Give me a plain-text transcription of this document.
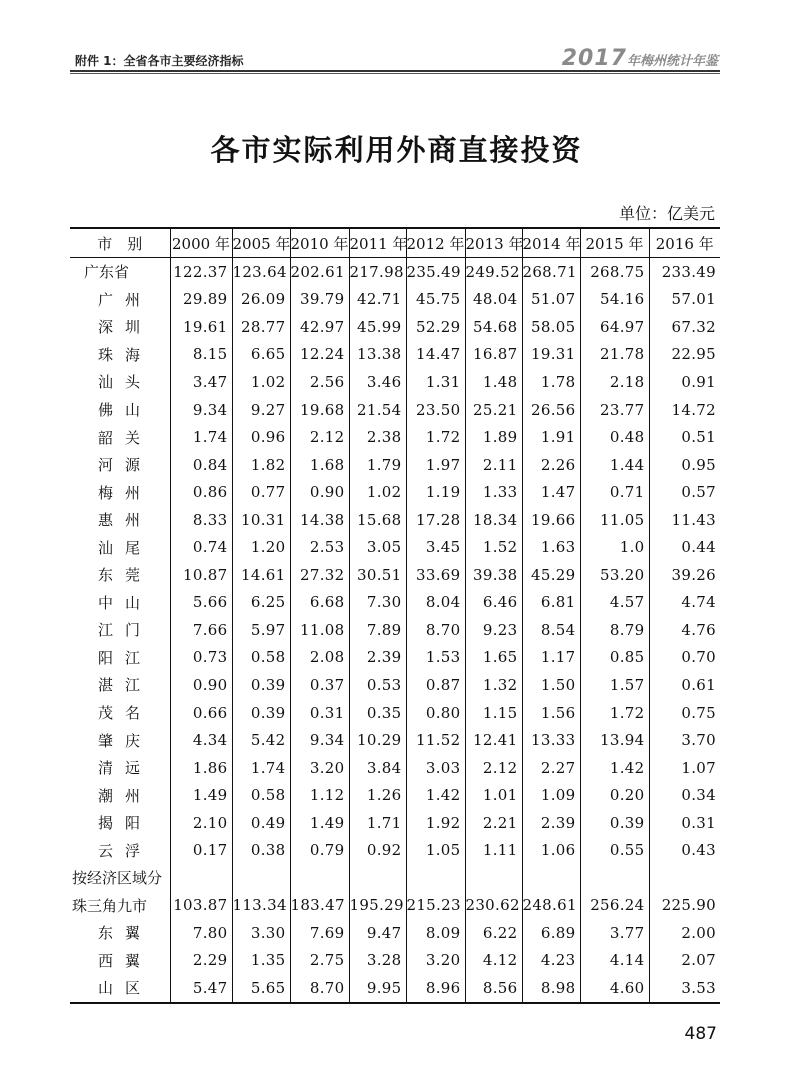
附件 1：全省各市主要经济指标	2017年梅州统计年鉴
各市实际利用外商直接投资
单位：亿美元
市　别	2000 年	2005 年	2010 年	2011 年	2012 年	2013 年	2014 年	2015 年	2016 年
广东省	122.37	123.64	202.61	217.98	235.49	249.52	268.71	268.75	233.49
广州	29.89	26.09	39.79	42.71	45.75	48.04	51.07	54.16	57.01
深圳	19.61	28.77	42.97	45.99	52.29	54.68	58.05	64.97	67.32
珠海	8.15	6.65	12.24	13.38	14.47	16.87	19.31	21.78	22.95
汕头	3.47	1.02	2.56	3.46	1.31	1.48	1.78	2.18	0.91
佛山	9.34	9.27	19.68	21.54	23.50	25.21	26.56	23.77	14.72
韶关	1.74	0.96	2.12	2.38	1.72	1.89	1.91	0.48	0.51
河源	0.84	1.82	1.68	1.79	1.97	2.11	2.26	1.44	0.95
梅州	0.86	0.77	0.90	1.02	1.19	1.33	1.47	0.71	0.57
惠州	8.33	10.31	14.38	15.68	17.28	18.34	19.66	11.05	11.43
汕尾	0.74	1.20	2.53	3.05	3.45	1.52	1.63	1.0	0.44
东莞	10.87	14.61	27.32	30.51	33.69	39.38	45.29	53.20	39.26
中山	5.66	6.25	6.68	7.30	8.04	6.46	6.81	4.57	4.74
江门	7.66	5.97	11.08	7.89	8.70	9.23	8.54	8.79	4.76
阳江	0.73	0.58	2.08	2.39	1.53	1.65	1.17	0.85	0.70
湛江	0.90	0.39	0.37	0.53	0.87	1.32	1.50	1.57	0.61
茂名	0.66	0.39	0.31	0.35	0.80	1.15	1.56	1.72	0.75
肇庆	4.34	5.42	9.34	10.29	11.52	12.41	13.33	13.94	3.70
清远	1.86	1.74	3.20	3.84	3.03	2.12	2.27	1.42	1.07
潮州	1.49	0.58	1.12	1.26	1.42	1.01	1.09	0.20	0.34
揭阳	2.10	0.49	1.49	1.71	1.92	2.21	2.39	0.39	0.31
云浮	0.17	0.38	0.79	0.92	1.05	1.11	1.06	0.55	0.43
按经济区域分									
珠三角九市	103.87	113.34	183.47	195.29	215.23	230.62	248.61	256.24	225.90
东翼	7.80	3.30	7.69	9.47	8.09	6.22	6.89	3.77	2.00
西翼	2.29	1.35	2.75	3.28	3.20	4.12	4.23	4.14	2.07
山区	5.47	5.65	8.70	9.95	8.96	8.56	8.98	4.60	3.53
487
